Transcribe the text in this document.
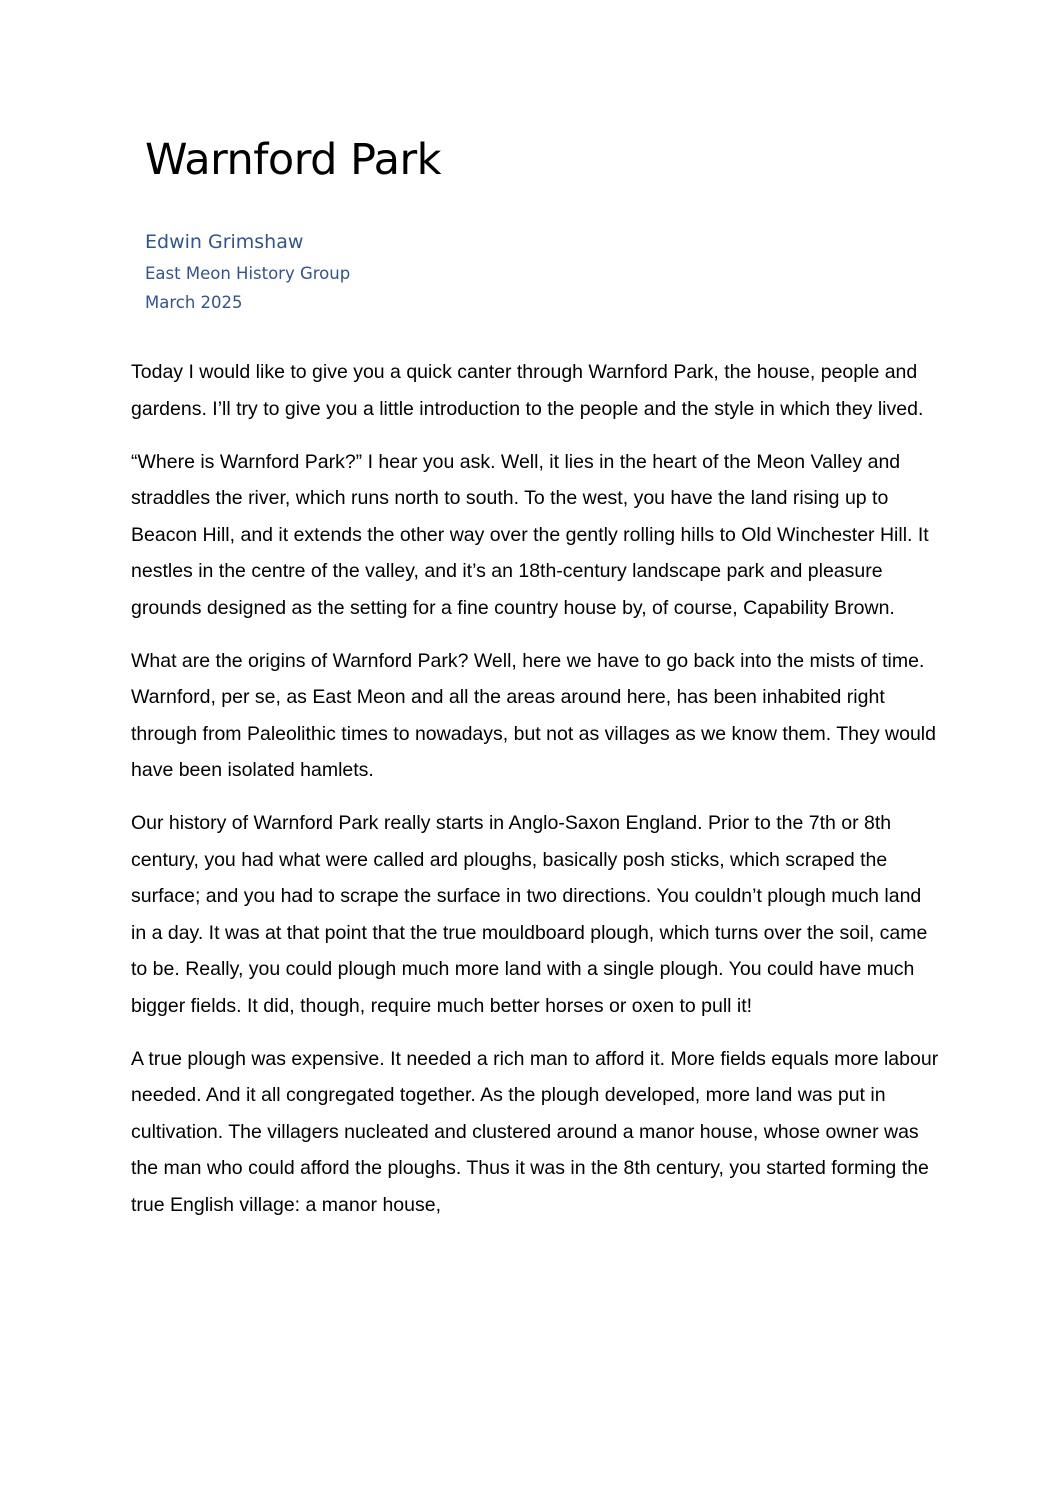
Warnford Park
Edwin Grimshaw
East Meon History Group
March 2025

Today I would like to give you a quick canter through Warnford Park, the house, people and gardens. I’ll try to give you a little introduction to the people and the style in which they lived.

“Where is Warnford Park?” I hear you ask. Well, it lies in the heart of the Meon Valley and straddles the river, which runs north to south. To the west, you have the land rising up to Beacon Hill, and it extends the other way over the gently rolling hills to Old Winchester Hill. It nestles in the centre of the valley, and it’s an 18th-century landscape park and pleasure grounds designed as the setting for a fine country house by, of course, Capability Brown.

What are the origins of Warnford Park? Well, here we have to go back into the mists of time. Warnford, per se, as East Meon and all the areas around here, has been inhabited right through from Paleolithic times to nowadays, but not as villages as we know them. They would have been isolated hamlets.

Our history of Warnford Park really starts in Anglo-Saxon England. Prior to the 7th or 8th century, you had what were called ard ploughs, basically posh sticks, which scraped the surface; and you had to scrape the surface in two directions. You couldn’t plough much land in a day. It was at that point that the true mouldboard plough, which turns over the soil, came to be. Really, you could plough much more land with a single plough. You could have much bigger fields. It did, though, require much better horses or oxen to pull it!

A true plough was expensive. It needed a rich man to afford it. More fields equals more labour needed. And it all congregated together. As the plough developed, more land was put in cultivation. The villagers nucleated and clustered around a manor house, whose owner was the man who could afford the ploughs. Thus it was in the 8th century, you started forming the true English village: a manor house,
